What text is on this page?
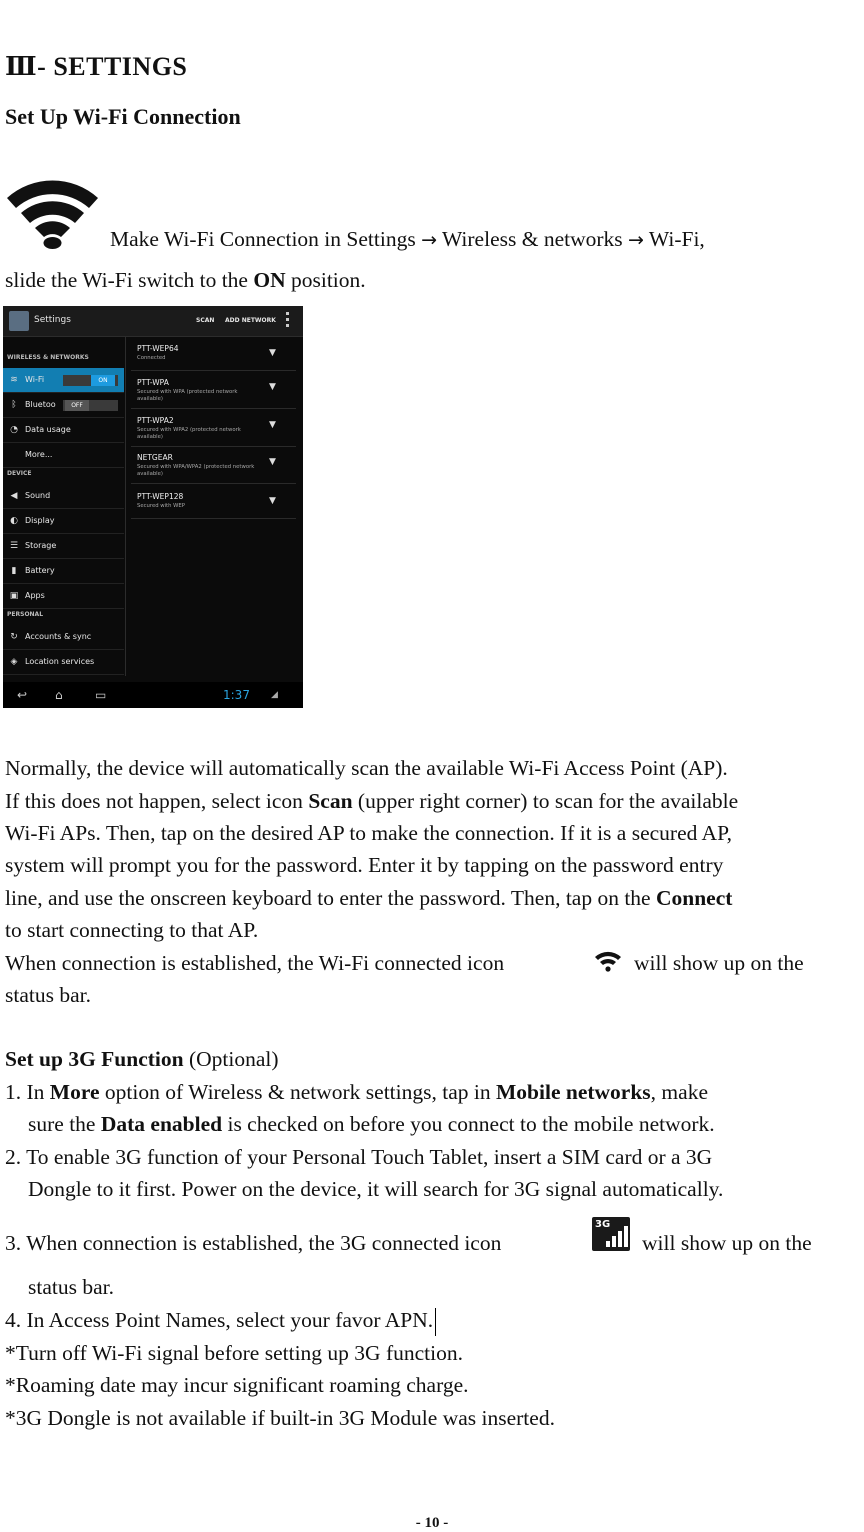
Ⅲ- SETTINGS
Set Up Wi-Fi Connection
Make Wi-Fi Connection in Settings → Wireless & networks → Wi-Fi,
slide the Wi-Fi switch to the ON position.
Settings	SCAN ADD NETWORK
WIRELESS & NETWORKS
≋ Wi-Fi	ON
ᛒ Bluetoo	OFF
◔ Data usage
More...
DEVICE
◀ Sound
◐ Display
☰ Storage
▮	Battery
▣ Apps
PERSONAL
↻ Accounts & sync
◈ Location services
PTT-WEP64
Connected	▼
PTT-WPA
Secured with WPA (protected network available)
▼
PTT-WPA2
Secured with WPA2 (protected network available)
▼
NETGEAR
Secured with WPA/WPA2 (protected network available)
▼
PTT-WEP128
Secured with WEP	▼
↩ ⌂	▭	1:37 ◢
Normally, the device will automatically scan the available Wi-Fi Access Point (AP).
If this does not happen, select icon Scan (upper right corner) to scan for the available
Wi-Fi APs. Then, tap on the desired AP to make the connection. If it is a secured AP,
system will prompt you for the password. Enter it by tapping on the password entry
line, and use the onscreen keyboard to enter the password. Then, tap on the Connect
to start connecting to that AP.
When connection is established, the Wi-Fi connected icon	will show up on the
status bar.
Set up 3G Function (Optional)
1. In More option of Wireless & network settings, tap in Mobile networks, make
sure the Data enabled is checked on before you connect to the mobile network.
2. To enable 3G function of your Personal Touch Tablet, insert a SIM card or a 3G
Dongle to it first. Power on the device, it will search for 3G signal automatically.
3. When connection is established, the 3G connected icon
3G
will show up on the
status bar.
4. In Access Point Names, select your favor APN.
*Turn off Wi-Fi signal before setting up 3G function.
*Roaming date may incur significant roaming charge.
*3G Dongle is not available if built-in 3G Module was inserted.
- 10 -
